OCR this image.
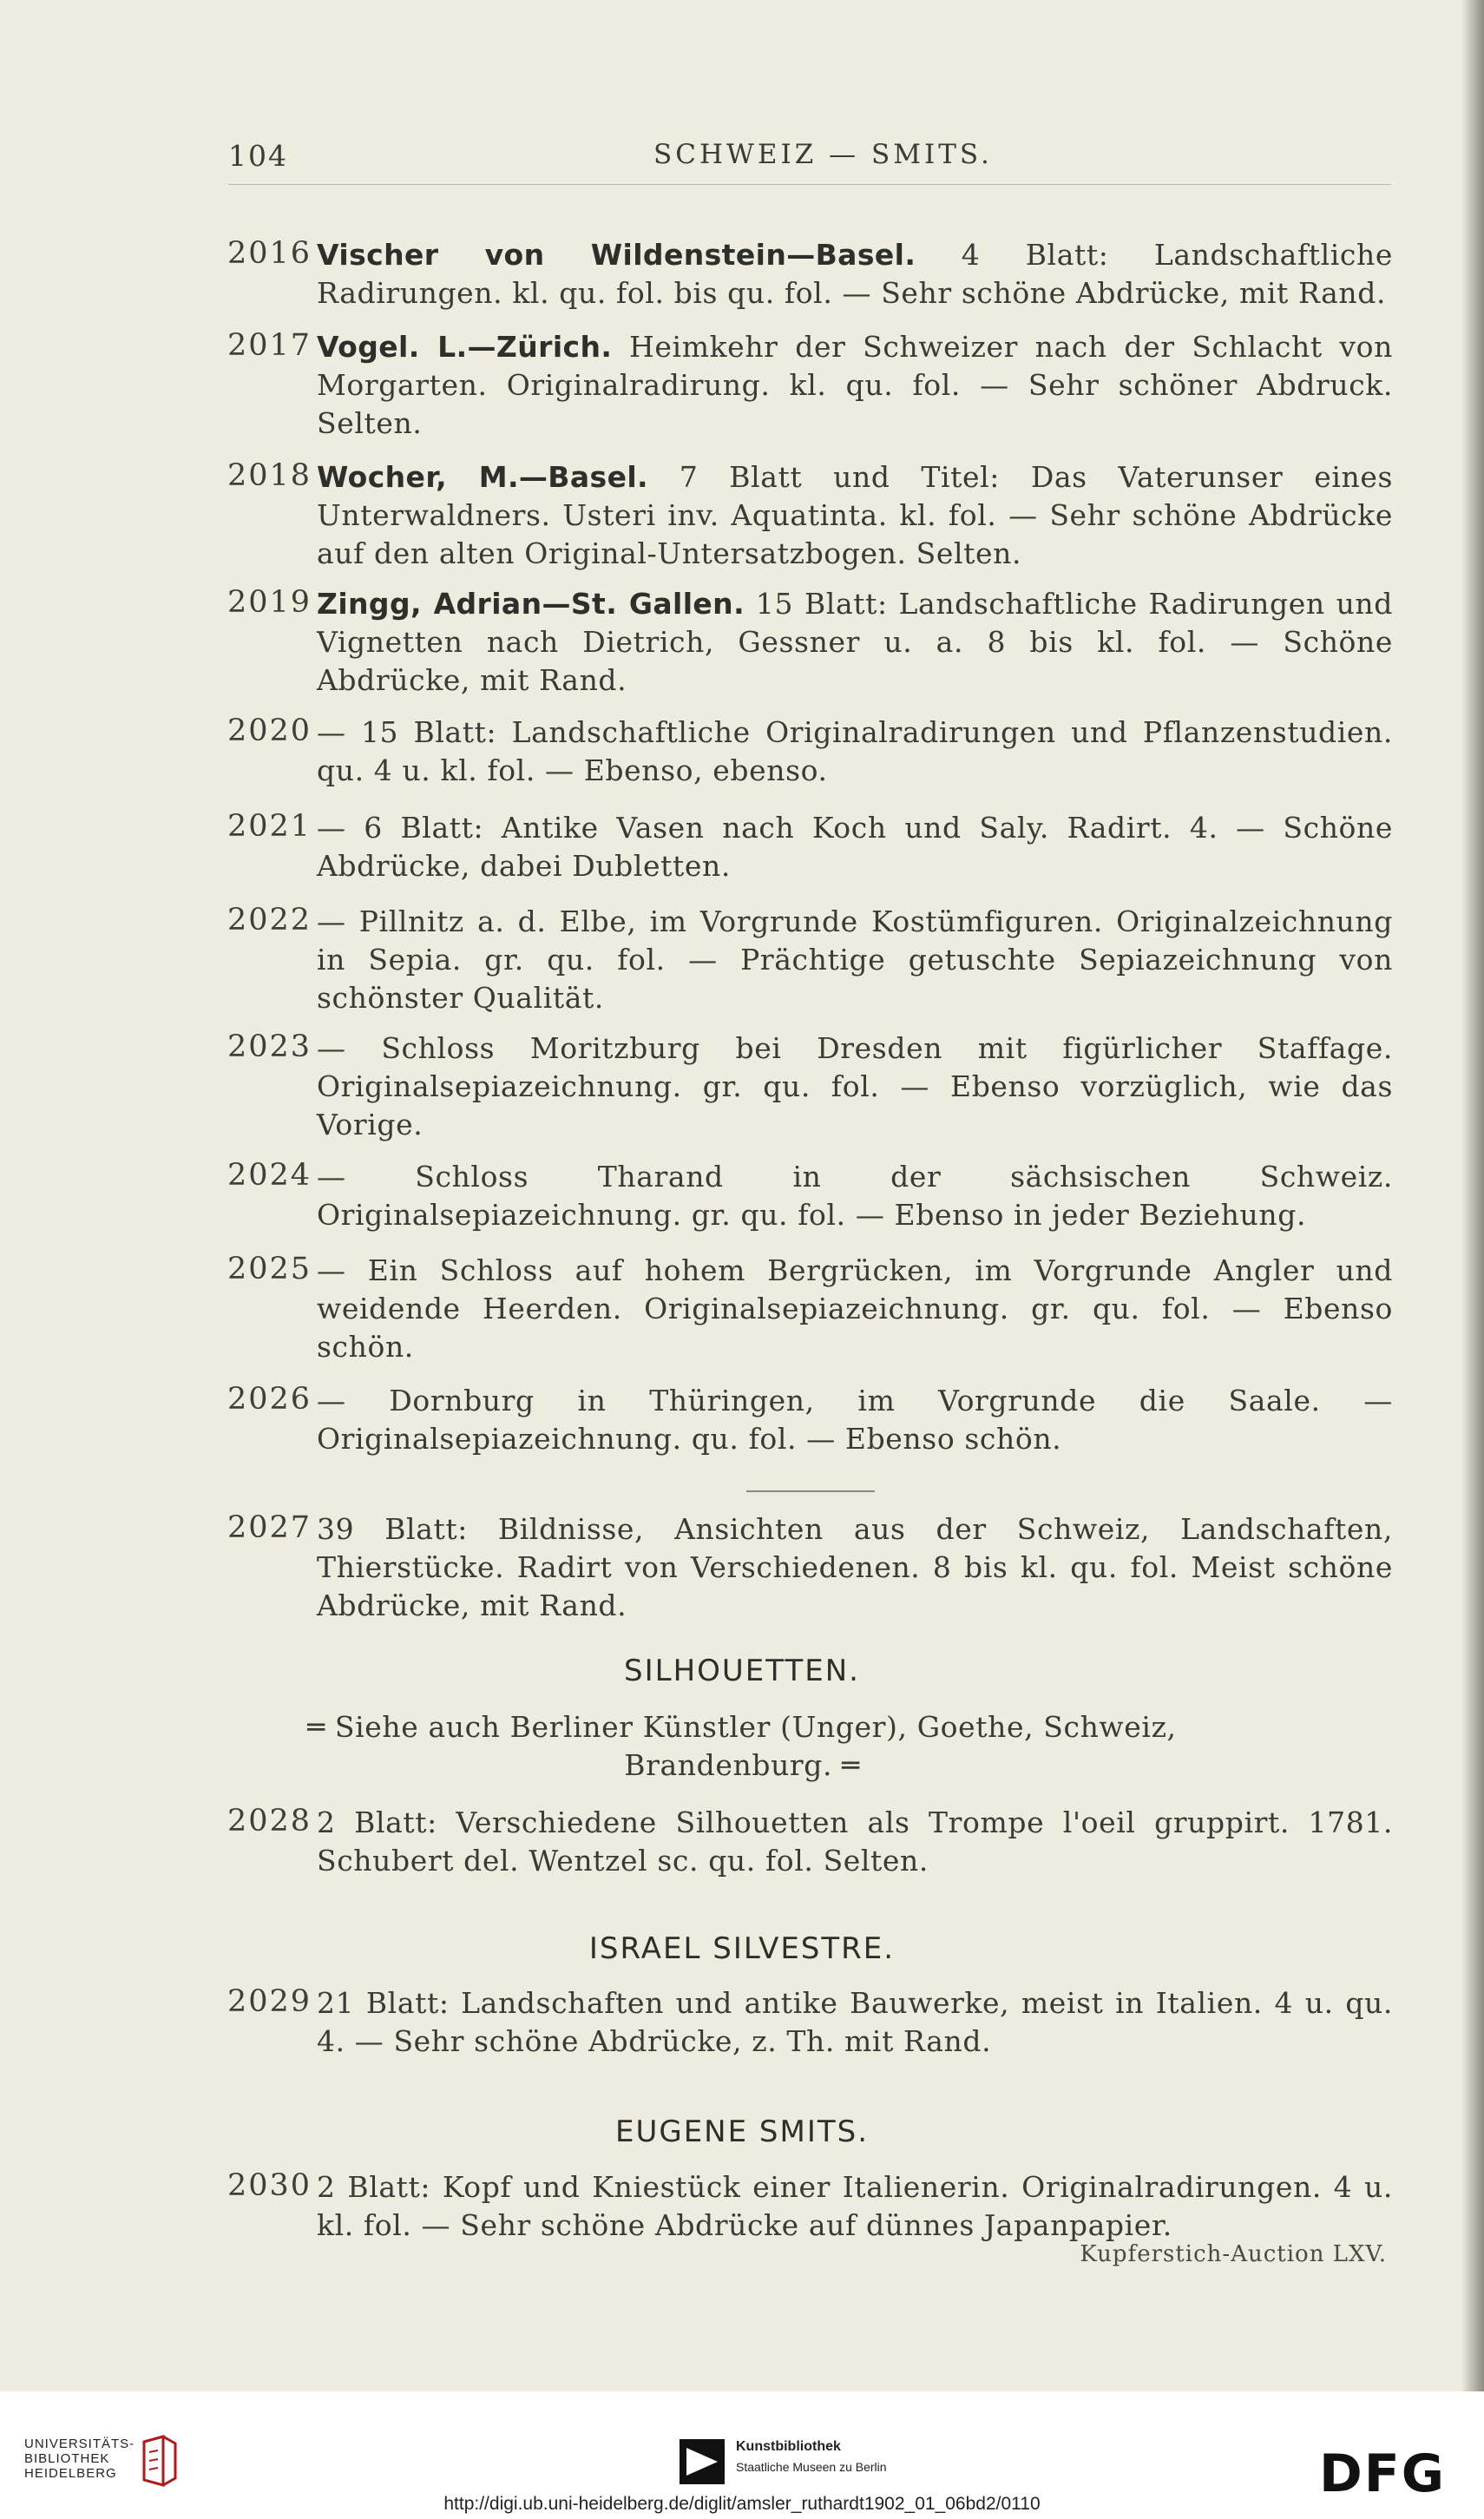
104	SCHWEIZ — SMITS.
2016 Vischer von Wildenstein—Basel. 4 Blatt: Landschaftliche Radirungen. kl. qu. fol. bis qu. fol. — Sehr schöne Abdrücke, mit Rand.
2017 Vogel. L.—Zürich. Heimkehr der Schweizer nach der Schlacht von Morgarten. Originalradirung. kl. qu. fol. — Sehr schöner Abdruck. Selten.
2018 Wocher, M.—Basel. 7 Blatt und Titel: Das Vaterunser eines Unterwaldners. Usteri inv. Aquatinta. kl. fol. — Sehr schöne Abdrücke auf den alten Original-Untersatzbogen. Selten.
2019 Zingg, Adrian—St. Gallen. 15 Blatt: Landschaftliche Radirungen und Vignetten nach Dietrich, Gessner u. a. 8 bis kl. fol. — Schöne Abdrücke, mit Rand.
2020 — 15 Blatt: Landschaftliche Originalradirungen und Pflanzenstudien. qu. 4 u. kl. fol. — Ebenso, ebenso.
2021 — 6 Blatt: Antike Vasen nach Koch und Saly. Radirt. 4. — Schöne Abdrücke, dabei Dubletten.
2022 — Pillnitz a. d. Elbe, im Vorgrunde Kostümfiguren. Originalzeichnung in Sepia. gr. qu. fol. — Prächtige getuschte Sepiazeichnung von schönster Qualität.
2023 — Schloss Moritzburg bei Dresden mit figürlicher Staffage. Originalsepiazeichnung. gr. qu. fol. — Ebenso vorzüglich, wie das Vorige.
2024 — Schloss Tharand in der sächsischen Schweiz. Originalsepiazeichnung. gr. qu. fol. — Ebenso in jeder Beziehung.
2025 — Ein Schloss auf hohem Bergrücken, im Vorgrunde Angler und weidende Heerden. Originalsepiazeichnung. gr. qu. fol. — Ebenso schön.
2026 — Dornburg in Thüringen, im Vorgrunde die Saale. — Originalsepiazeichnung. qu. fol. — Ebenso schön.
2027 39 Blatt: Bildnisse, Ansichten aus der Schweiz, Landschaften, Thierstücke. Radirt von Verschiedenen. 8 bis kl. qu. fol. Meist schöne Abdrücke, mit Rand.
SILHOUETTEN.
═ Siehe auch Berliner Künstler (Unger), Goethe, Schweiz,
Brandenburg. ═
2028 2 Blatt: Verschiedene Silhouetten als Trompe l'oeil gruppirt. 1781. Schubert del. Wentzel sc. qu. fol. Selten.
ISRAEL SILVESTRE.
2029 21 Blatt: Landschaften und antike Bauwerke, meist in Italien. 4 u. qu. 4. — Sehr schöne Abdrücke, z. Th. mit Rand.
EUGENE SMITS.
2030 2 Blatt: Kopf und Kniestück einer Italienerin. Originalradirungen. 4 u. kl. fol. — Sehr schöne Abdrücke auf dünnes Japanpapier.
Kupferstich-Auction LXV.
UNIVERSITÄTS-
BIBLIOTHEK
HEIDELBERG
Kunstbibliothek
Staatliche Museen zu Berlin	DFG
http://digi.ub.uni-heidelberg.de/diglit/amsler_ruthardt1902_01_06bd2/0110
